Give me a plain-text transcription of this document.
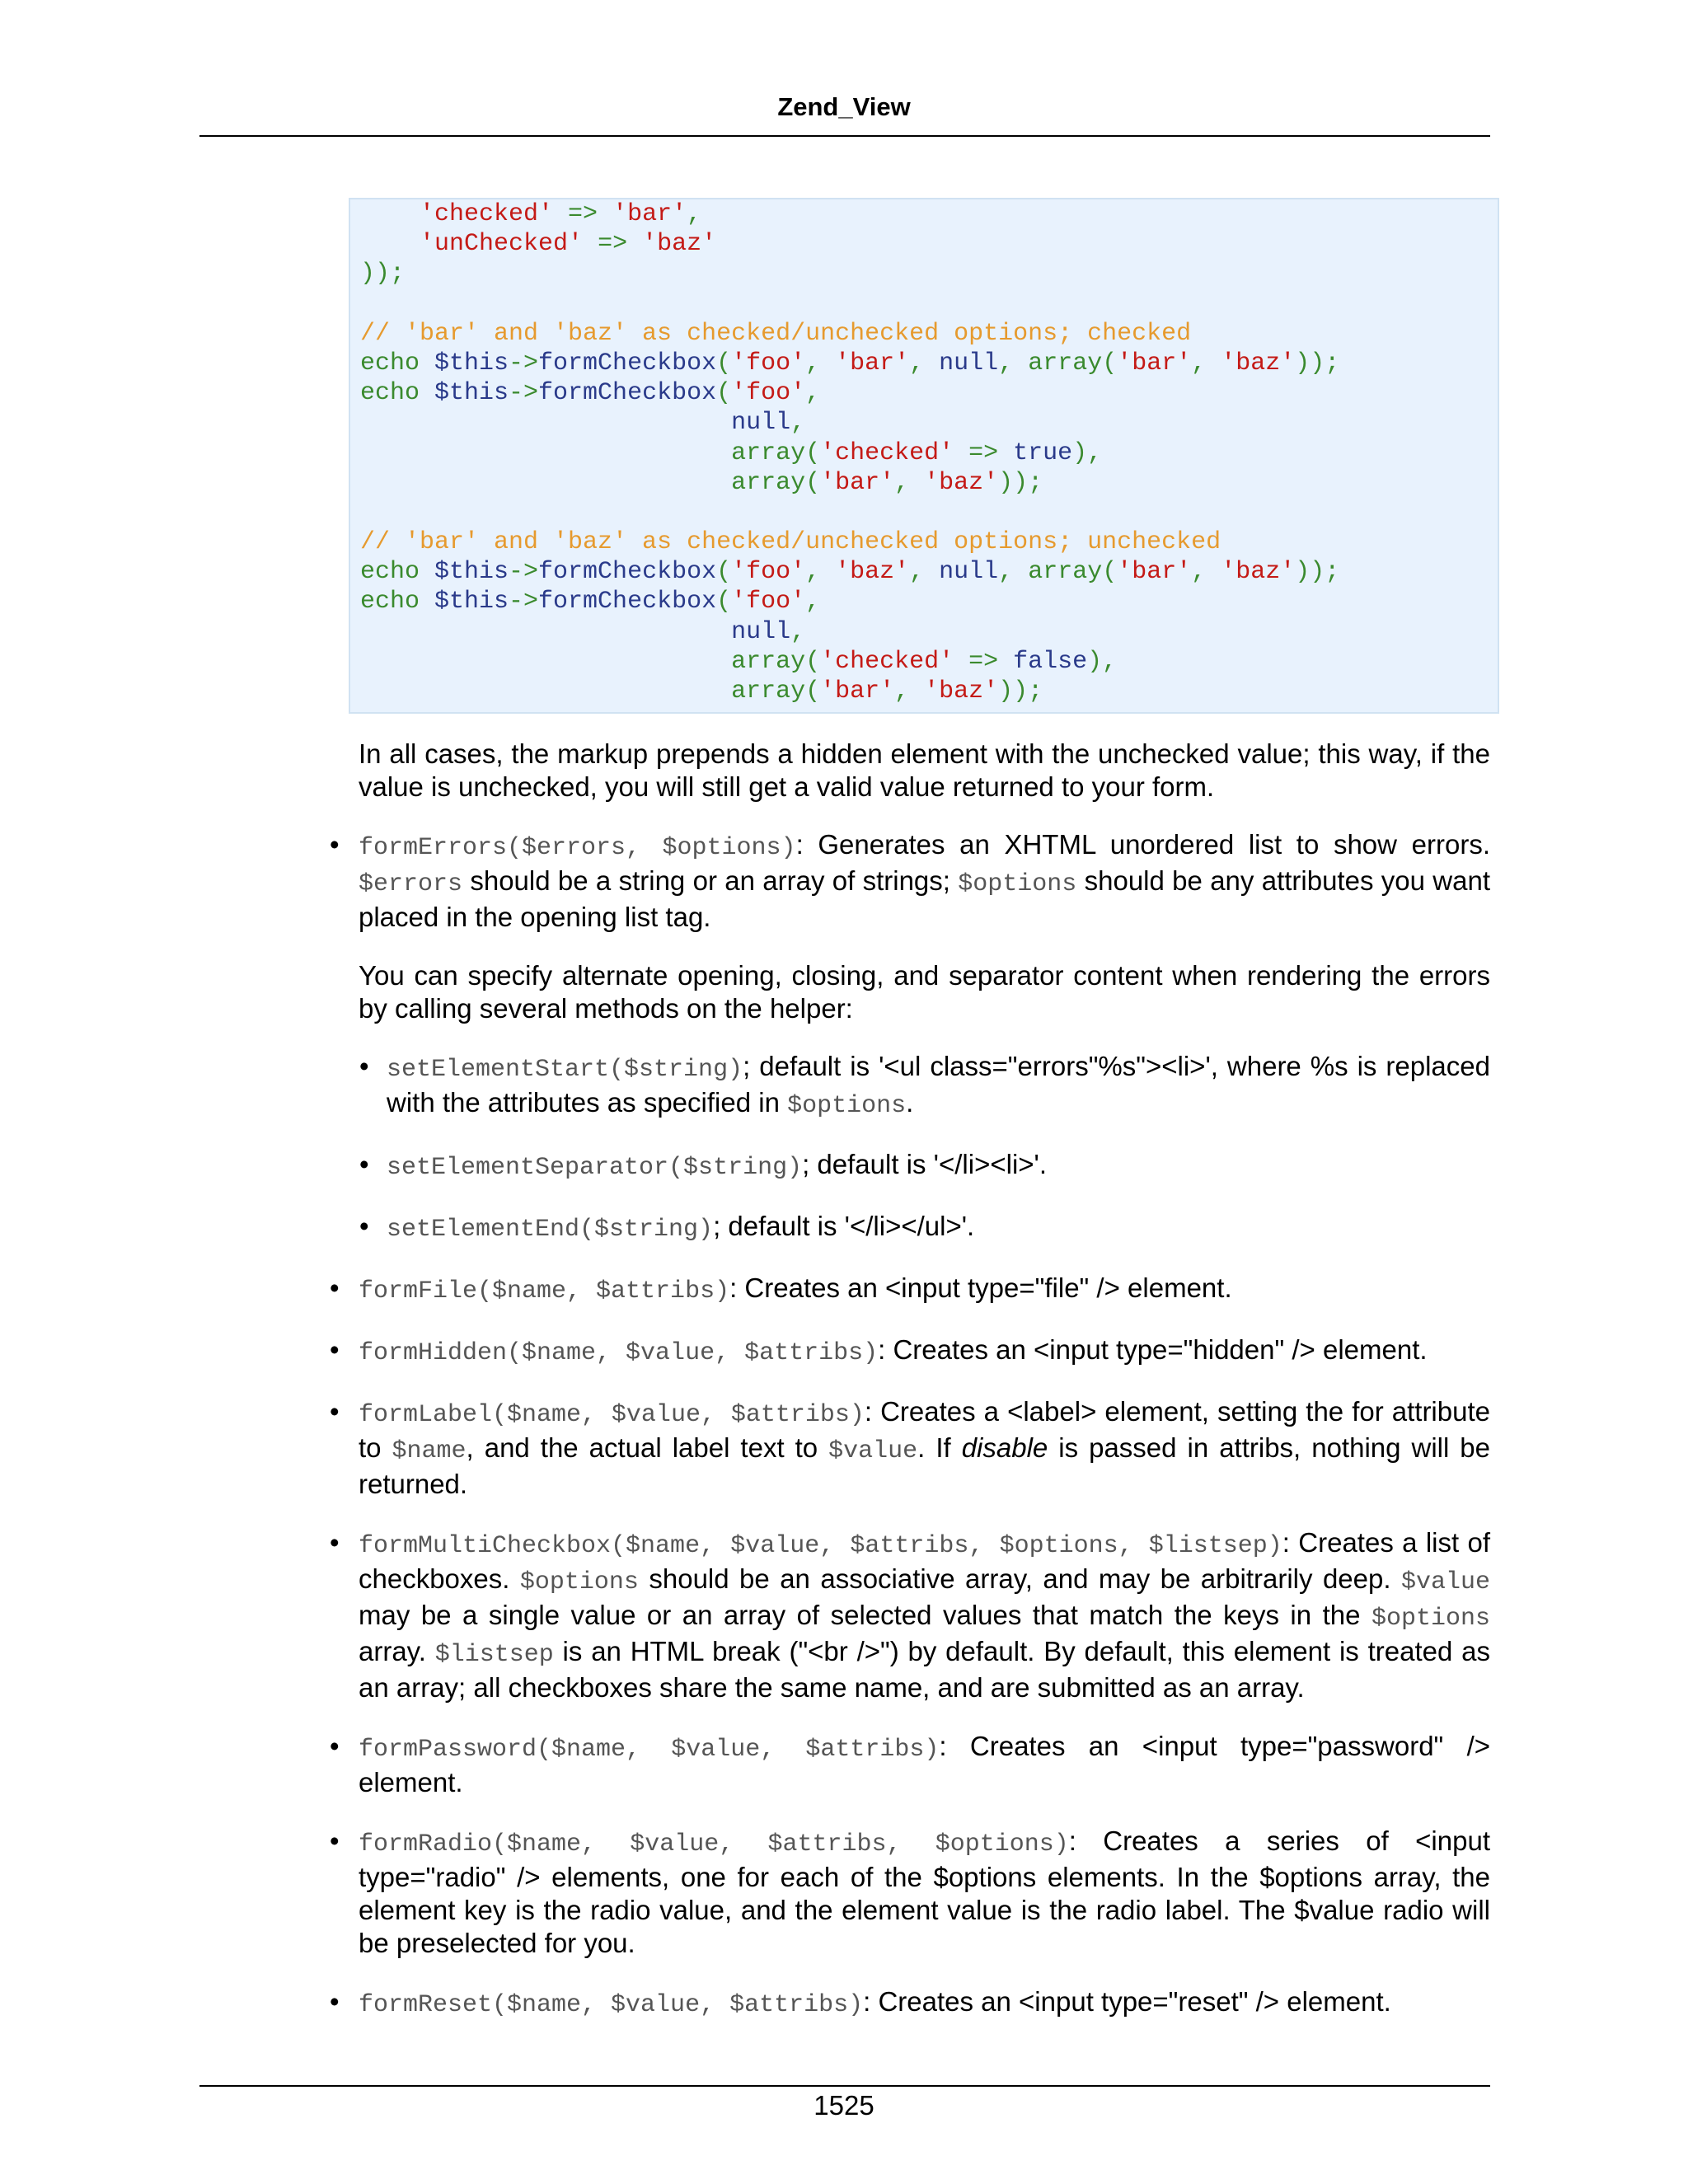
Zend_View
'checked' => 'bar',
'unChecked' => 'baz'
));
// 'bar' and 'baz' as checked/unchecked options; checked
echo $this->formCheckbox('foo', 'bar', null, array('bar', 'baz'));
echo $this->formCheckbox('foo',
null,
array('checked' => true),
array('bar', 'baz'));
// 'bar' and 'baz' as checked/unchecked options; unchecked
echo $this->formCheckbox('foo', 'baz', null, array('bar', 'baz'));
echo $this->formCheckbox('foo',
null,
array('checked' => false),
array('bar', 'baz'));
In all cases, the markup prepends a hidden element with the unchecked value; this way, if the value is unchecked, you will still get a valid value returned to your form.
• formErrors($errors, $options): Generates an XHTML unordered list to show errors. $errors should be a string or an array of strings; $options should be any attributes you want placed in the opening list tag.
You can specify alternate opening, closing, and separator content when rendering the errors by calling several methods on the helper:
• setElementStart($string); default is '<ul class="errors"%s"><li>', where %s is replaced with the attributes as specified in $options.
• setElementSeparator($string); default is '</li><li>'.
• setElementEnd($string); default is '</li></ul>'.
• formFile($name, $attribs): Creates an <input type="file" /> element.
• formHidden($name, $value, $attribs): Creates an <input type="hidden" /> element.
• formLabel($name, $value, $attribs): Creates a <label> element, setting the for attribute to $name, and the actual label text to $value. If disable is passed in attribs, nothing will be returned.
• formMultiCheckbox($name, $value, $attribs, $options, $listsep): Creates a list of checkboxes. $options should be an associative array, and may be arbitrarily deep. $value may be a single value or an array of selected values that match the keys in the $options array. $listsep is an HTML break ("<br />") by default. By default, this element is treated as an array; all checkboxes share the same name, and are submitted as an array.
• formPassword($name, $value, $attribs): Creates an <input type="password" /> element.
• formRadio($name, $value, $attribs, $options): Creates a series of <input type="radio" /> elements, one for each of the $options elements. In the $options array, the element key is the radio value, and the element value is the radio label. The $value radio will be preselected for you.
• formReset($name, $value, $attribs): Creates an <input type="reset" /> element.
1525
